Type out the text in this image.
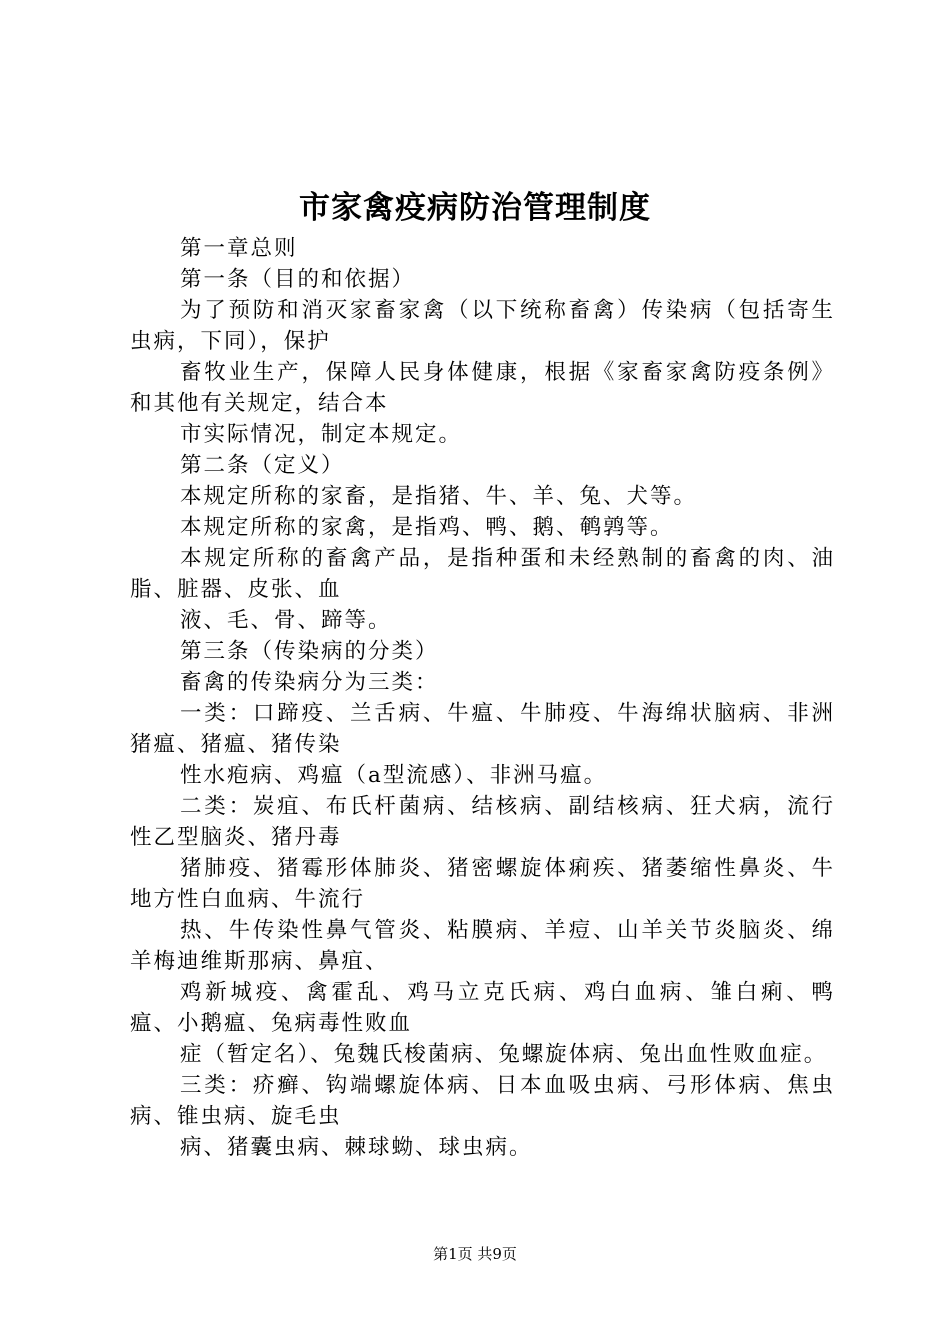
市家禽疫病防治管理制度

第一章总则

第一条（目的和依据）

为了预防和消灭家畜家禽（以下统称畜禽）传染病（包括寄生虫病，下同），保护

畜牧业生产，保障人民身体健康，根据《家畜家禽防疫条例》和其他有关规定，结合本

市实际情况，制定本规定。

第二条（定义）

本规定所称的家畜，是指猪、牛、羊、兔、犬等。

本规定所称的家禽，是指鸡、鸭、鹅、鹌鹑等。

本规定所称的畜禽产品，是指种蛋和未经熟制的畜禽的肉、油脂、脏器、皮张、血

液、毛、骨、蹄等。

第三条（传染病的分类）

畜禽的传染病分为三类：

一类：口蹄疫、兰舌病、牛瘟、牛肺疫、牛海绵状脑病、非洲猪瘟、猪瘟、猪传染

性水疱病、鸡瘟（a型流感）、非洲马瘟。

二类：炭疽、布氏杆菌病、结核病、副结核病、狂犬病，流行性乙型脑炎、猪丹毒

猪肺疫、猪霉形体肺炎、猪密螺旋体痢疾、猪萎缩性鼻炎、牛地方性白血病、牛流行

热、牛传染性鼻气管炎、粘膜病、羊痘、山羊关节炎脑炎、绵羊梅迪维斯那病、鼻疽、

鸡新城疫、禽霍乱、鸡马立克氏病、鸡白血病、雏白痢、鸭瘟、小鹅瘟、兔病毒性败血

症（暂定名）、兔魏氏梭菌病、兔螺旋体病、兔出血性败血症。

三类：疥癣、钩端螺旋体病、日本血吸虫病、弓形体病、焦虫病、锥虫病、旋毛虫

病、猪囊虫病、棘球蚴、球虫病。

第1页 共9页
